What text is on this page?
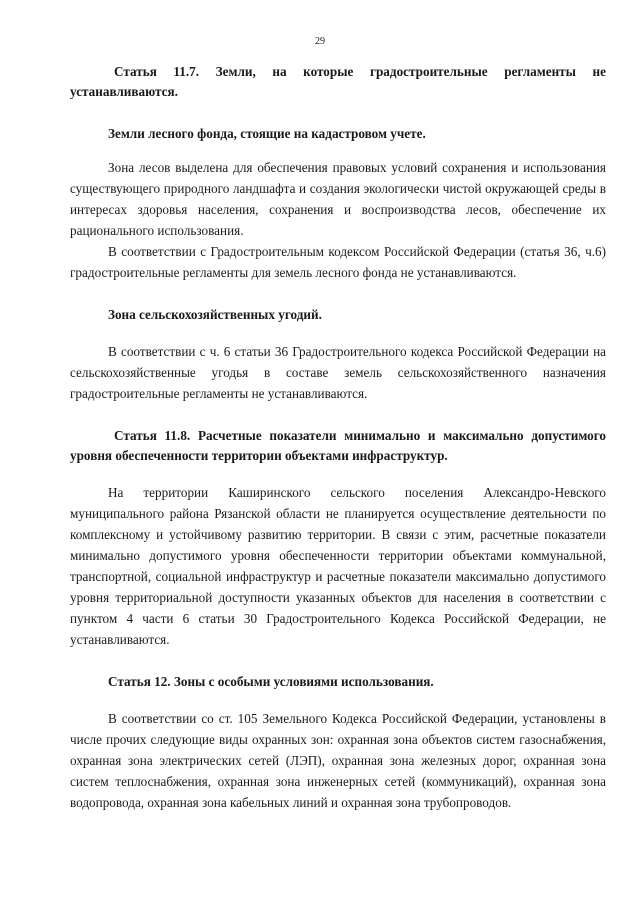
29

Статья 11.7. Земли, на которые градостроительные регламенты не устанавливаются.

Земли лесного фонда, стоящие на кадастровом учете.

Зона лесов выделена для обеспечения правовых условий сохранения и использования существующего природного ландшафта и создания экологически чистой окружающей среды в интересах здоровья населения, сохранения и воспроизводства лесов, обеспечение их рационального использования.

В соответствии с Градостроительным кодексом Российской Федерации (статья 36, ч.6) градостроительные регламенты для земель лесного фонда не устанавливаются.

Зона сельскохозяйственных угодий.

В соответствии с ч. 6 статьи 36 Градостроительного кодекса Российской Федерации на сельскохозяйственные угодья в составе земель сельскохозяйственного назначения градостроительные регламенты не устанавливаются.

Статья 11.8. Расчетные показатели минимально и максимально допустимого уровня обеспеченности территории объектами инфраструктур.

На территории Каширинского сельского поселения Александро-Невского муниципального района Рязанской области не планируется осуществление деятельности по комплексному и устойчивому развитию территории. В связи с этим, расчетные показатели минимально допустимого уровня обеспеченности территории объектами коммунальной, транспортной, социальной инфраструктур и расчетные показатели максимально допустимого уровня территориальной доступности указанных объектов для населения в соответствии с пунктом 4 части 6 статьи 30 Градостроительного Кодекса Российской Федерации, не устанавливаются.

Статья 12. Зоны с особыми условиями использования.

В соответствии со ст. 105 Земельного Кодекса Российской Федерации, установлены в числе прочих следующие виды охранных зон: охранная зона объектов систем газоснабжения, охранная зона электрических сетей (ЛЭП), охранная зона железных дорог, охранная зона систем теплоснабжения, охранная зона инженерных сетей (коммуникаций), охранная зона водопровода, охранная зона кабельных линий и охранная зона трубопроводов.
